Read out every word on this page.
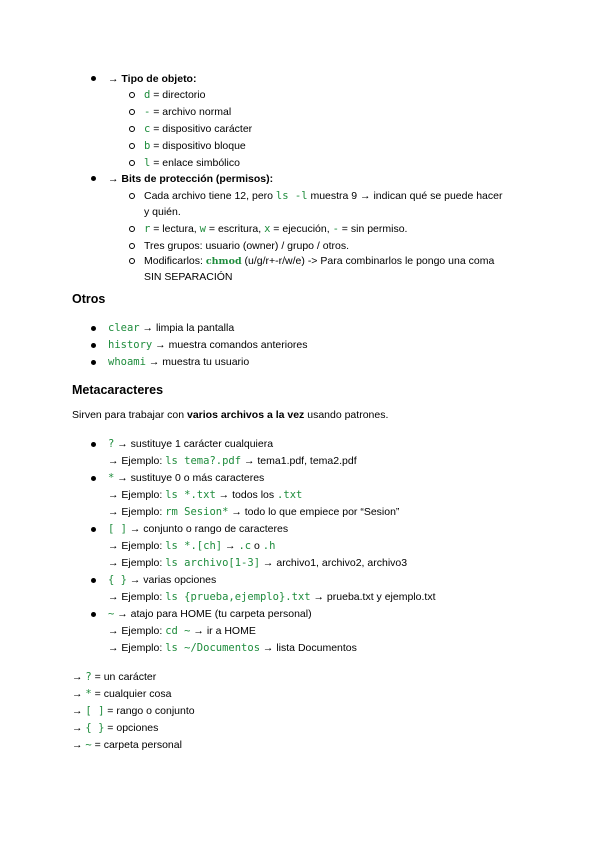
→ Tipo de objeto:
d = directorio
- = archivo normal
c = dispositivo carácter
b = dispositivo bloque
l = enlace simbólico
→ Bits de protección (permisos):
Cada archivo tiene 12, pero ls -l muestra 9 → indican qué se puede hacer
y quién.
r = lectura, w = escritura, x = ejecución, - = sin permiso.
Tres grupos: usuario (owner) / grupo / otros.
Modificarlos: chmod (u/g/r+-r/w/e) -> Para combinarlos le pongo una coma
SIN SEPARACIÓN
Otros
clear → limpia la pantalla
history → muestra comandos anteriores
whoami → muestra tu usuario
Metacaracteres
Sirven para trabajar con varios archivos a la vez usando patrones.
? → sustituye 1 carácter cualquiera
→ Ejemplo: ls tema?.pdf → tema1.pdf, tema2.pdf
* → sustituye 0 o más caracteres
→ Ejemplo: ls *.txt → todos los .txt
→ Ejemplo: rm Sesion* → todo lo que empiece por “Sesion”
[ ] → conjunto o rango de caracteres
→ Ejemplo: ls *.[ch] → .c o .h
→ Ejemplo: ls archivo[1-3] → archivo1, archivo2, archivo3
{ } → varias opciones
→ Ejemplo: ls {prueba,ejemplo}.txt → prueba.txt y ejemplo.txt
~ → atajo para HOME (tu carpeta personal)
→ Ejemplo: cd ~ → ir a HOME
→ Ejemplo: ls ~/Documentos → lista Documentos
→ ? = un carácter
→ * = cualquier cosa
→ [ ] = rango o conjunto
→ { } = opciones
→ ~ = carpeta personal
